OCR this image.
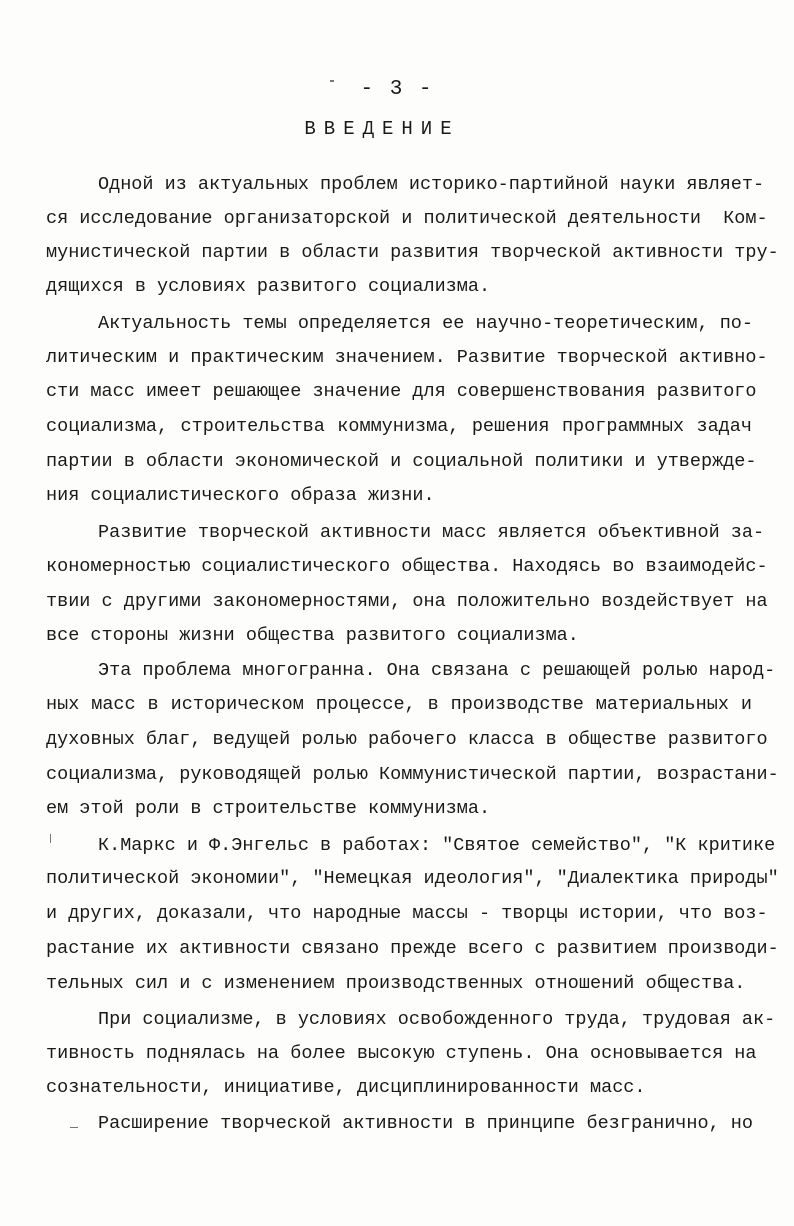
- 3 -
ВВЕДЕНИЕ
Одной из актуальных проблем историко-партийной науки являет-
ся исследование организаторской и политической деятельности  Ком-
мунистической партии в области развития творческой активности тру-
дящихся в условиях развитого социализма.
Актуальность темы определяется ее научно-теоретическим, по-
литическим и практическим значением. Развитие творческой активно-
сти масс имеет решающее значение для совершенствования развитого
социализма, строительства коммунизма, решения программных задач
партии в области экономической и социальной политики и утвержде-
ния социалистического образа жизни.
Развитие творческой активности масс является объективной за-
кономерностью социалистического общества. Находясь во взаимодейс-
твии с другими закономерностями, она положительно воздействует на
все стороны жизни общества развитого социализма.
Эта проблема многогранна. Она связана с решающей ролью народ-
ных масс в историческом процессе, в производстве материальных и
духовных благ, ведущей ролью рабочего класса в обществе развитого
социализма, руководящей ролью Коммунистической партии, возрастани-
ем этой роли в строительстве коммунизма.
К.Маркс и Ф.Энгельс в работах: "Святое семейство", "К критике
политической экономии", "Немецкая идеология", "Диалектика природы"
и других, доказали, что народные массы - творцы истории, что воз-
растание их активности связано прежде всего с развитием производи-
тельных сил и с изменением производственных отношений общества.
При социализме, в условиях освобожденного труда, трудовая ак-
тивность поднялась на более высокую ступень. Она основывается на
сознательности, инициативе, дисциплинированности масс.
Расширение творческой активности в принципе безгранично, но
